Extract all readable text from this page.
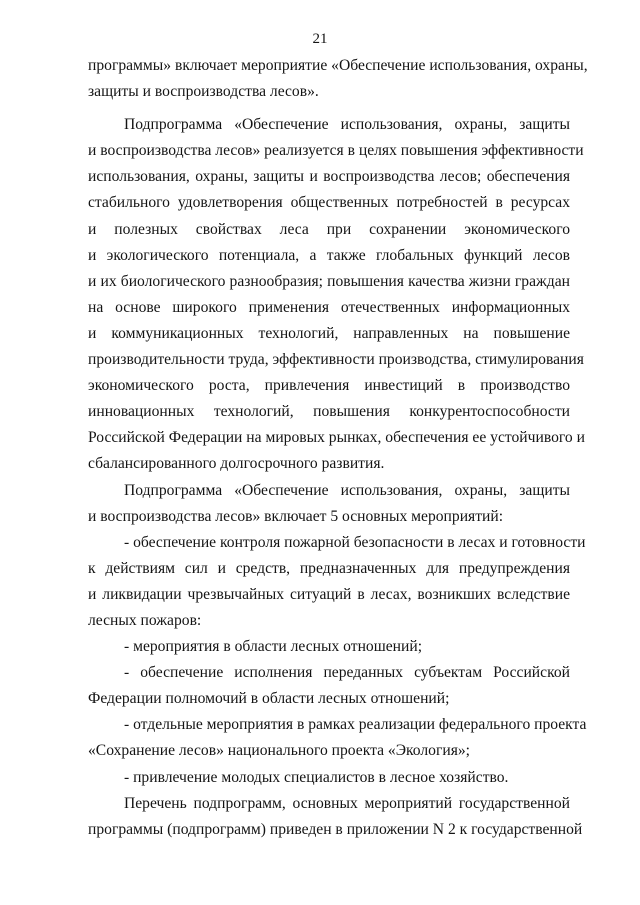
21
программы» включает мероприятие «Обеспечение использования, охраны,
защиты и воспроизводства лесов».
Подпрограмма «Обеспечение использования, охраны, защиты
и воспроизводства лесов» реализуется в целях повышения эффективности
использования, охраны, защиты и воспроизводства лесов; обеспечения
стабильного удовлетворения общественных потребностей в ресурсах
и полезных свойствах леса при сохранении экономического
и экологического потенциала, а также глобальных функций лесов
и их биологического разнообразия; повышения качества жизни граждан
на основе широкого применения отечественных информационных
и коммуникационных технологий, направленных на повышение
производительности труда, эффективности производства, стимулирования
экономического роста, привлечения инвестиций в производство
инновационных технологий, повышения конкурентоспособности
Российской Федерации на мировых рынках, обеспечения ее устойчивого и
сбалансированного долгосрочного развития.
Подпрограмма «Обеспечение использования, охраны, защиты
и воспроизводства лесов» включает 5 основных мероприятий:
- обеспечение контроля пожарной безопасности в лесах и готовности
к действиям сил и средств, предназначенных для предупреждения
и ликвидации чрезвычайных ситуаций в лесах, возникших вследствие
лесных пожаров:
- мероприятия в области лесных отношений;
- обеспечение исполнения переданных субъектам Российской
Федерации полномочий в области лесных отношений;
- отдельные мероприятия в рамках реализации федерального проекта
«Сохранение лесов» национального проекта «Экология»;
- привлечение молодых специалистов в лесное хозяйство.
Перечень подпрограмм, основных мероприятий государственной
программы (подпрограмм) приведен в приложении N 2 к государственной
